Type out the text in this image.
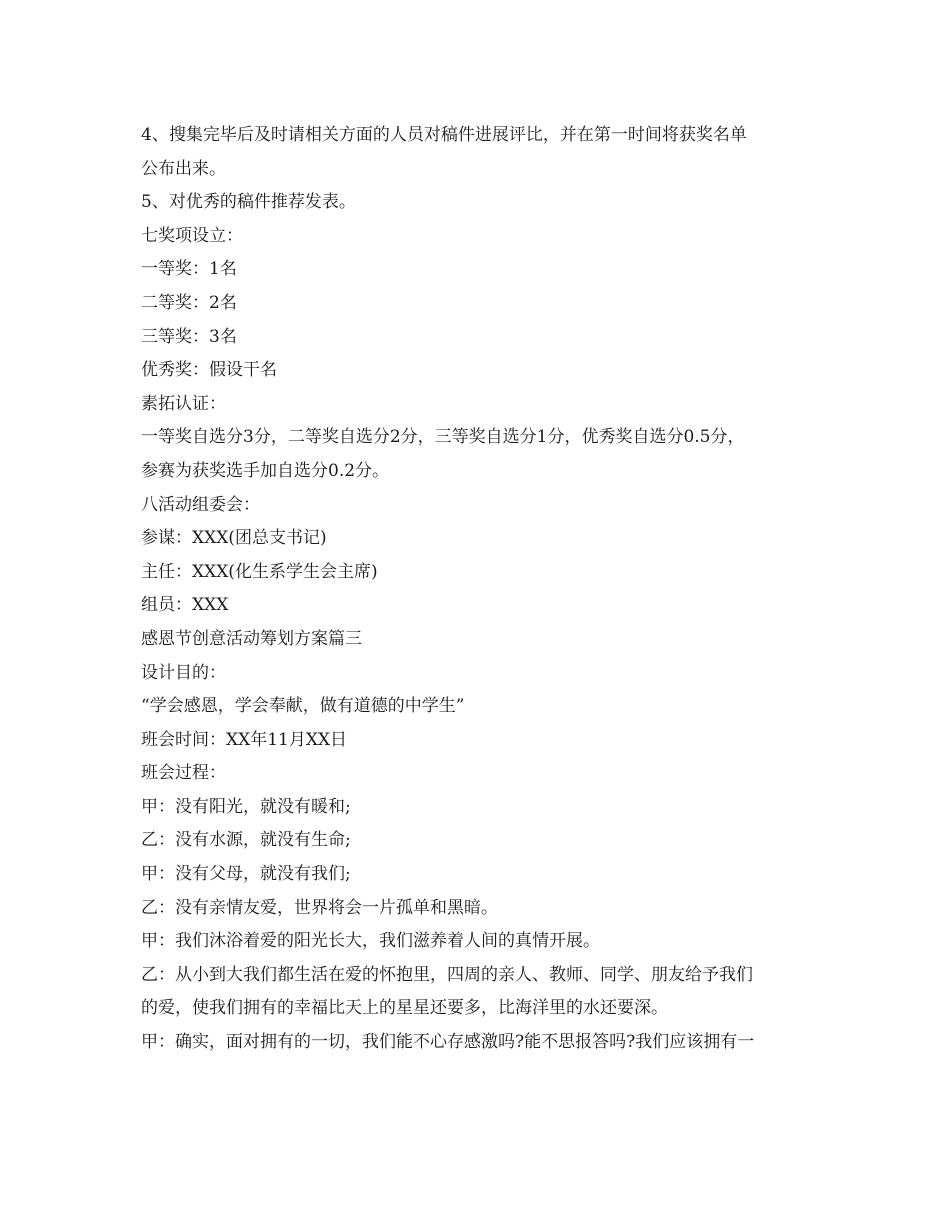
4、搜集完毕后及时请相关方面的人员对稿件进展评比，并在第一时间将获奖名单
公布出来。
5、对优秀的稿件推荐发表。
七奖项设立：
一等奖：1名
二等奖：2名
三等奖：3名
优秀奖：假设干名
素拓认证：
一等奖自选分3分，二等奖自选分2分，三等奖自选分1分，优秀奖自选分0.5分，
参赛为获奖选手加自选分0.2分。
八活动组委会：
参谋：XXX(团总支书记)
主任：XXX(化生系学生会主席)
组员：XXX
感恩节创意活动筹划方案篇三
设计目的：
“学会感恩，学会奉献，做有道德的中学生”
班会时间：XX年11月XX日
班会过程：
甲：没有阳光，就没有暖和;
乙：没有水源，就没有生命;
甲：没有父母，就没有我们;
乙：没有亲情友爱，世界将会一片孤单和黑暗。
甲：我们沐浴着爱的阳光长大，我们滋养着人间的真情开展。
乙：从小到大我们都生活在爱的怀抱里，四周的亲人、教师、同学、朋友给予我们
的爱，使我们拥有的幸福比天上的星星还要多，比海洋里的水还要深。
甲：确实，面对拥有的一切，我们能不心存感激吗?能不思报答吗?我们应该拥有一
